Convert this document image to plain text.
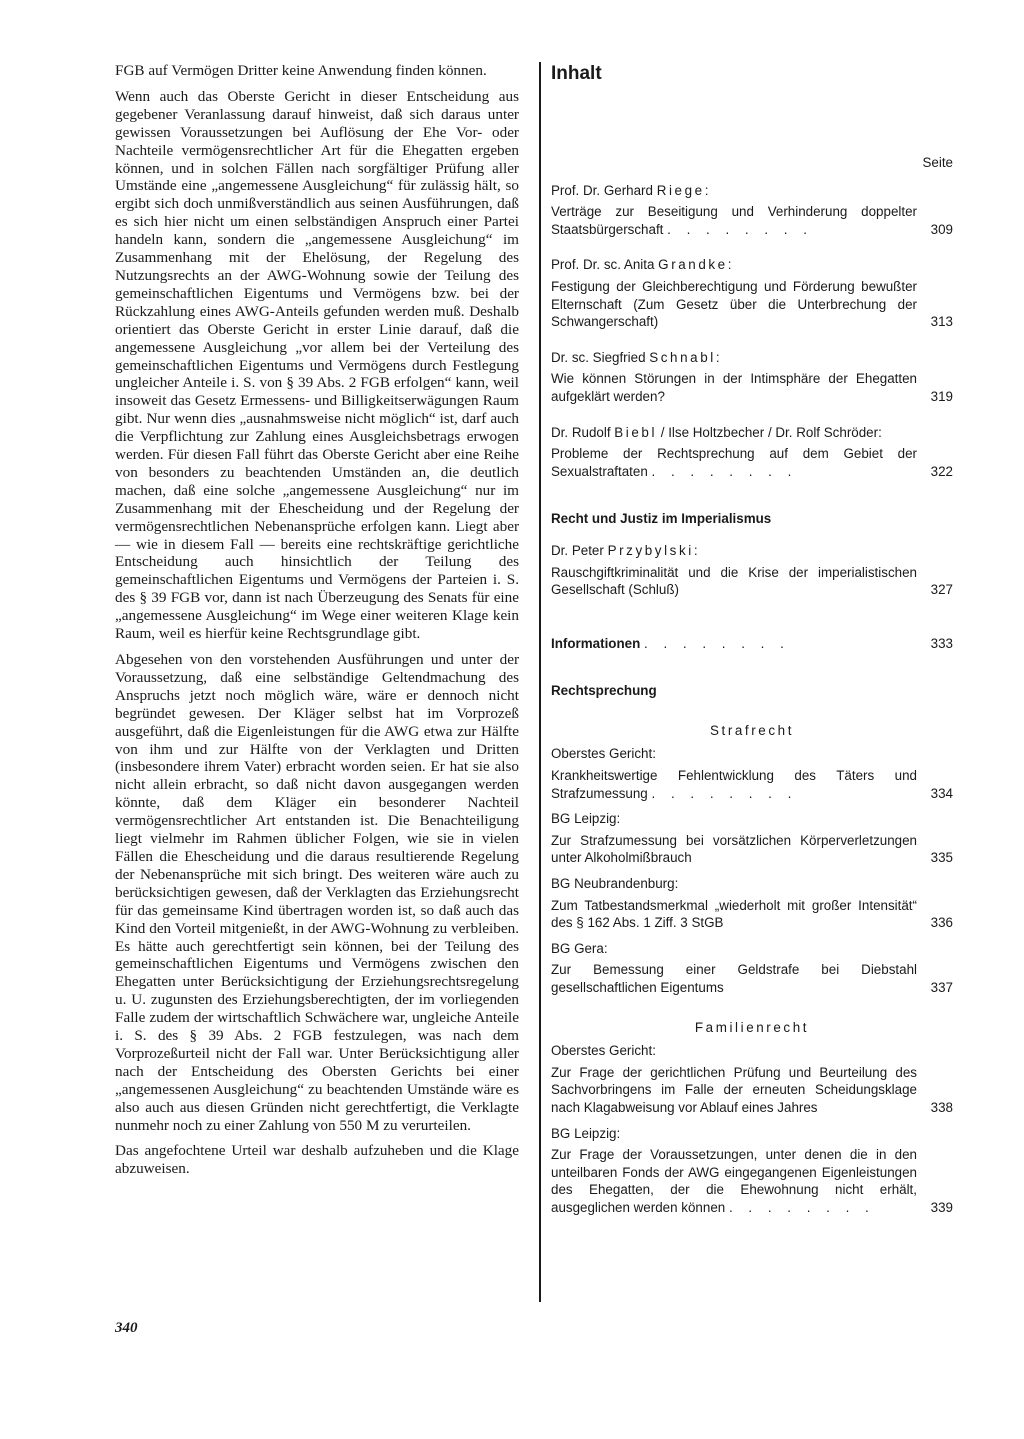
FGB auf Vermögen Dritter keine Anwendung finden können.

Wenn auch das Oberste Gericht in dieser Entscheidung aus gegebener Veranlassung darauf hinweist, daß sich daraus unter gewissen Voraussetzungen bei Auflösung der Ehe Vor- oder Nachteile vermögensrechtlicher Art für die Ehegatten ergeben können, und in solchen Fällen nach sorgfältiger Prüfung aller Umstände eine „angemessene Ausgleichung“ für zulässig hält, so ergibt sich doch unmißverständlich aus seinen Ausführungen, daß es sich hier nicht um einen selbständigen Anspruch einer Partei handeln kann, sondern die „angemessene Ausgleichung“ im Zusammenhang mit der Ehelösung, der Regelung des Nutzungsrechts an der AWG-Wohnung sowie der Teilung des gemeinschaftlichen Eigentums und Vermögens bzw. bei der Rückzahlung eines AWG-Anteils gefunden werden muß. Deshalb orientiert das Oberste Gericht in erster Linie darauf, daß die angemessene Ausgleichung „vor allem bei der Verteilung des gemeinschaftlichen Eigentums und Vermögens durch Festlegung ungleicher Anteile i. S. von § 39 Abs. 2 FGB erfolgen“ kann, weil insoweit das Gesetz Ermessens- und Billigkeitserwägungen Raum gibt. Nur wenn dies „ausnahmsweise nicht möglich“ ist, darf auch die Verpflichtung zur Zahlung eines Ausgleichsbetrags erwogen werden. Für diesen Fall führt das Oberste Gericht aber eine Reihe von besonders zu beachtenden Umständen an, die deutlich machen, daß eine solche „angemessene Ausgleichung“ nur im Zusammenhang mit der Ehescheidung und der Regelung der vermögensrechtlichen Nebenansprüche erfolgen kann. Liegt aber — wie in diesem Fall — bereits eine rechtskräftige gerichtliche Entscheidung auch hinsichtlich der Teilung des gemeinschaftlichen Eigentums und Vermögens der Parteien i. S. des § 39 FGB vor, dann ist nach Überzeugung des Senats für eine „angemessene Ausgleichung“ im Wege einer weiteren Klage kein Raum, weil es hierfür keine Rechtsgrundlage gibt.

Abgesehen von den vorstehenden Ausführungen und unter der Voraussetzung, daß eine selbständige Geltendmachung des Anspruchs jetzt noch möglich wäre, wäre er dennoch nicht begründet gewesen. Der Kläger selbst hat im Vorprozeß ausgeführt, daß die Eigenleistungen für die AWG etwa zur Hälfte von ihm und zur Hälfte von der Verklagten und Dritten (insbesondere ihrem Vater) erbracht worden seien. Er hat sie also nicht allein erbracht, so daß nicht davon ausgegangen werden könnte, daß dem Kläger ein besonderer Nachteil vermögensrechtlicher Art entstanden ist. Die Benachteiligung liegt vielmehr im Rahmen üblicher Folgen, wie sie in vielen Fällen die Ehescheidung und die daraus resultierende Regelung der Nebenansprüche mit sich bringt. Des weiteren wäre auch zu berücksichtigen gewesen, daß der Verklagten das Erziehungsrecht für das gemeinsame Kind übertragen worden ist, so daß auch das Kind den Vorteil mitgenießt, in der AWG-Wohnung zu verbleiben. Es hätte auch gerechtfertigt sein können, bei der Teilung des gemeinschaftlichen Eigentums und Vermögens zwischen den Ehegatten unter Berücksichtigung der Erziehungsrechtsregelung u. U. zugunsten des Erziehungsberechtigten, der im vorliegenden Falle zudem der wirtschaftlich Schwächere war, ungleiche Anteile i. S. des § 39 Abs. 2 FGB festzulegen, was nach dem Vorprozeßurteil nicht der Fall war. Unter Berücksichtigung aller nach der Entscheidung des Obersten Gerichts bei einer „angemessenen Ausgleichung“ zu beachtenden Umstände wäre es also auch aus diesen Gründen nicht gerechtfertigt, die Verklagte nunmehr noch zu einer Zahlung von 550 M zu verurteilen.

Das angefochtene Urteil war deshalb aufzuheben und die Klage abzuweisen.

340
Inhalt
Seite
Prof. Dr. Gerhard Riege:
Verträge zur Beseitigung und Verhinderung doppelter Staatsbürgerschaft . . . . . . . .	309
Prof. Dr. sc. Anita Grandke:
Festigung der Gleichberechtigung und Förderung bewußter Elternschaft (Zum Gesetz über die Unterbrechung der Schwangerschaft)	313
Dr. sc. Siegfried Schnabl:
Wie können Störungen in der Intimsphäre der Ehegatten aufgeklärt werden?	319
Dr. Rudolf Biebl / Ilse Holtzbecher / Dr. Rolf Schröder:
Probleme der Rechtsprechung auf dem Gebiet der Sexualstraftaten . . . . . . . .	322
Recht und Justiz im Imperialismus
Dr. Peter Przybylski:
Rauschgiftkriminalität und die Krise der imperialistischen Gesellschaft (Schluß)	327
Informationen . . . . . . . .	333
Rechtsprechung
Strafrecht
Oberstes Gericht:
Krankheitswertige Fehlentwicklung des Täters und Strafzumessung . . . . . . . .	334
BG Leipzig:
Zur Strafzumessung bei vorsätzlichen Körperverletzungen unter Alkoholmißbrauch	335
BG Neubrandenburg:
Zum Tatbestandsmerkmal „wiederholt mit großer Intensität“ des § 162 Abs. 1 Ziff. 3 StGB	336
BG Gera:
Zur Bemessung einer Geldstrafe bei Diebstahl gesellschaftlichen Eigentums	337
Familienrecht
Oberstes Gericht:
Zur Frage der gerichtlichen Prüfung und Beurteilung des Sachvorbringens im Falle der erneuten Scheidungsklage nach Klagabweisung vor Ablauf eines Jahres	338
BG Leipzig:
Zur Frage der Voraussetzungen, unter denen die in den unteilbaren Fonds der AWG eingegangenen Eigenleistungen des Ehegatten, der die Ehewohnung nicht erhält, ausgeglichen werden können . . . . . . . .	339
